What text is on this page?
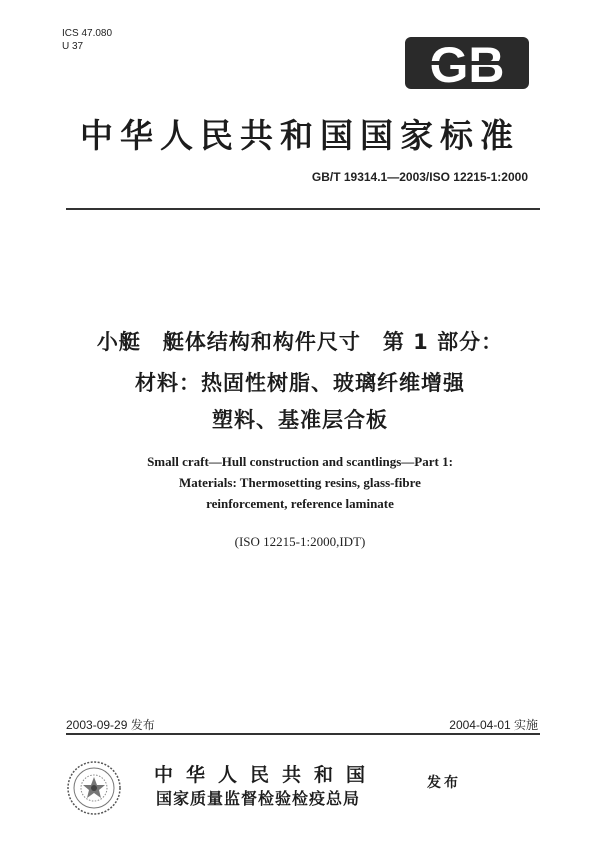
ICS 47.080
U 37	GB
中华人民共和国国家标准
GB/T 19314.1—2003/ISO 12215-1:2000
小艇　艇体结构和构件尺寸　第 1 部分：
材料：热固性树脂、玻璃纤维增强
塑料、基准层合板
Small craft—Hull construction and scantlings—Part 1:
Materials: Thermosetting resins, glass-fibre
reinforcement, reference laminate
(ISO 12215-1:2000,IDT)
2003-09-29 发布	2004-04-01 实施
中华人民共和国
国家质量监督检验检疫总局
发布
